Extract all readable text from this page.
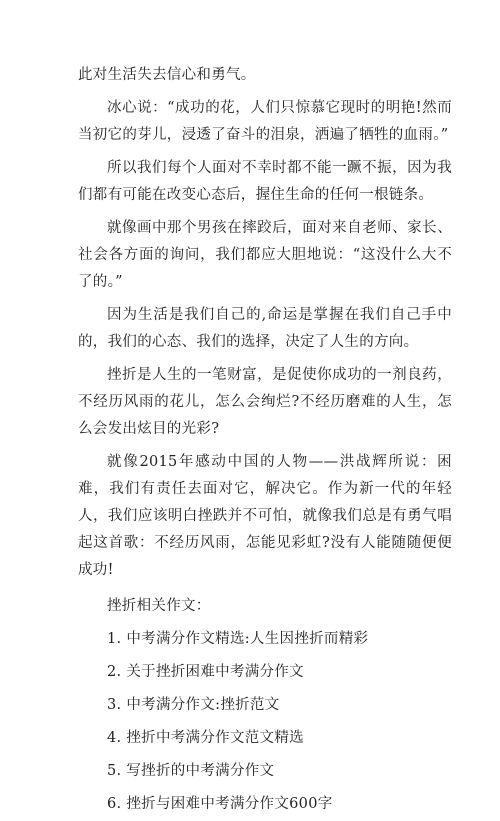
此对生活失去信心和勇气。

冰心说：“成功的花，人们只惊慕它现时的明艳!然而当初它的芽儿，浸透了奋斗的泪泉，洒遍了牺牲的血雨。”

所以我们每个人面对不幸时都不能一蹶不振，因为我们都有可能在改变心态后，握住生命的任何一根链条。

就像画中那个男孩在摔跤后，面对来自老师、家长、社会各方面的询问，我们都应大胆地说：“这没什么大不了的。”

因为生活是我们自己的,命运是掌握在我们自己手中的，我们的心态、我们的选择，决定了人生的方向。

挫折是人生的一笔财富，是促使你成功的一剂良药，不经历风雨的花儿，怎么会绚烂?不经历磨难的人生，怎么会发出炫目的光彩?

就像2015年感动中国的人物——洪战辉所说：困难，我们有责任去面对它，解决它。作为新一代的年轻人，我们应该明白挫跌并不可怕，就像我们总是有勇气唱起这首歌：不经历风雨，怎能见彩虹?没有人能随随便便成功!

挫折相关作文：

1. 中考满分作文精选:人生因挫折而精彩
2. 关于挫折困难中考满分作文
3. 中考满分作文:挫折范文
4. 挫折中考满分作文范文精选
5. 写挫折的中考满分作文
6. 挫折与困难中考满分作文600字
